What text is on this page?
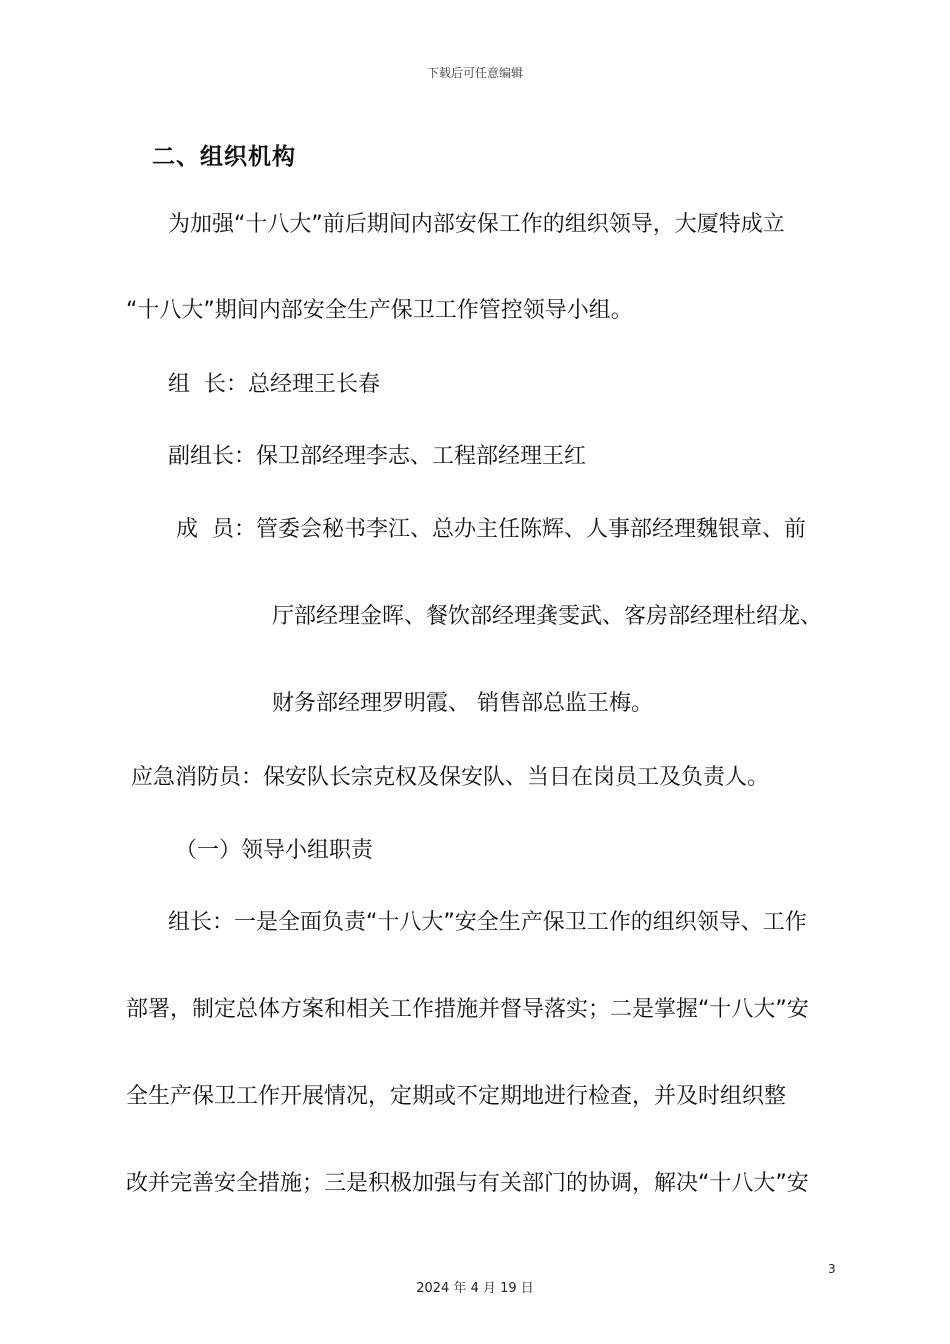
下载后可任意编辑
二、组织机构
为加强“十八大”前后期间内部安保工作的组织领导，大厦特成立
“十八大”期间内部安全生产保卫工作管控领导小组。
组  长：总经理王长春
副组长：保卫部经理李志、工程部经理王红
成  员：管委会秘书李江、总办主任陈辉、人事部经理魏银章、前
厅部经理金晖、餐饮部经理龚雯武、客房部经理杜绍龙、
财务部经理罗明霞、 销售部总监王梅。
应急消防员：保安队长宗克权及保安队、当日在岗员工及负责人。
（一）领导小组职责
组长：一是全面负责“十八大”安全生产保卫工作的组织领导、工作
部署，制定总体方案和相关工作措施并督导落实；二是掌握“十八大”安
全生产保卫工作开展情况，定期或不定期地进行检查，并及时组织整
改并完善安全措施；三是积极加强与有关部门的协调，解决“十八大”安
3
2024 年 4 月 19 日
